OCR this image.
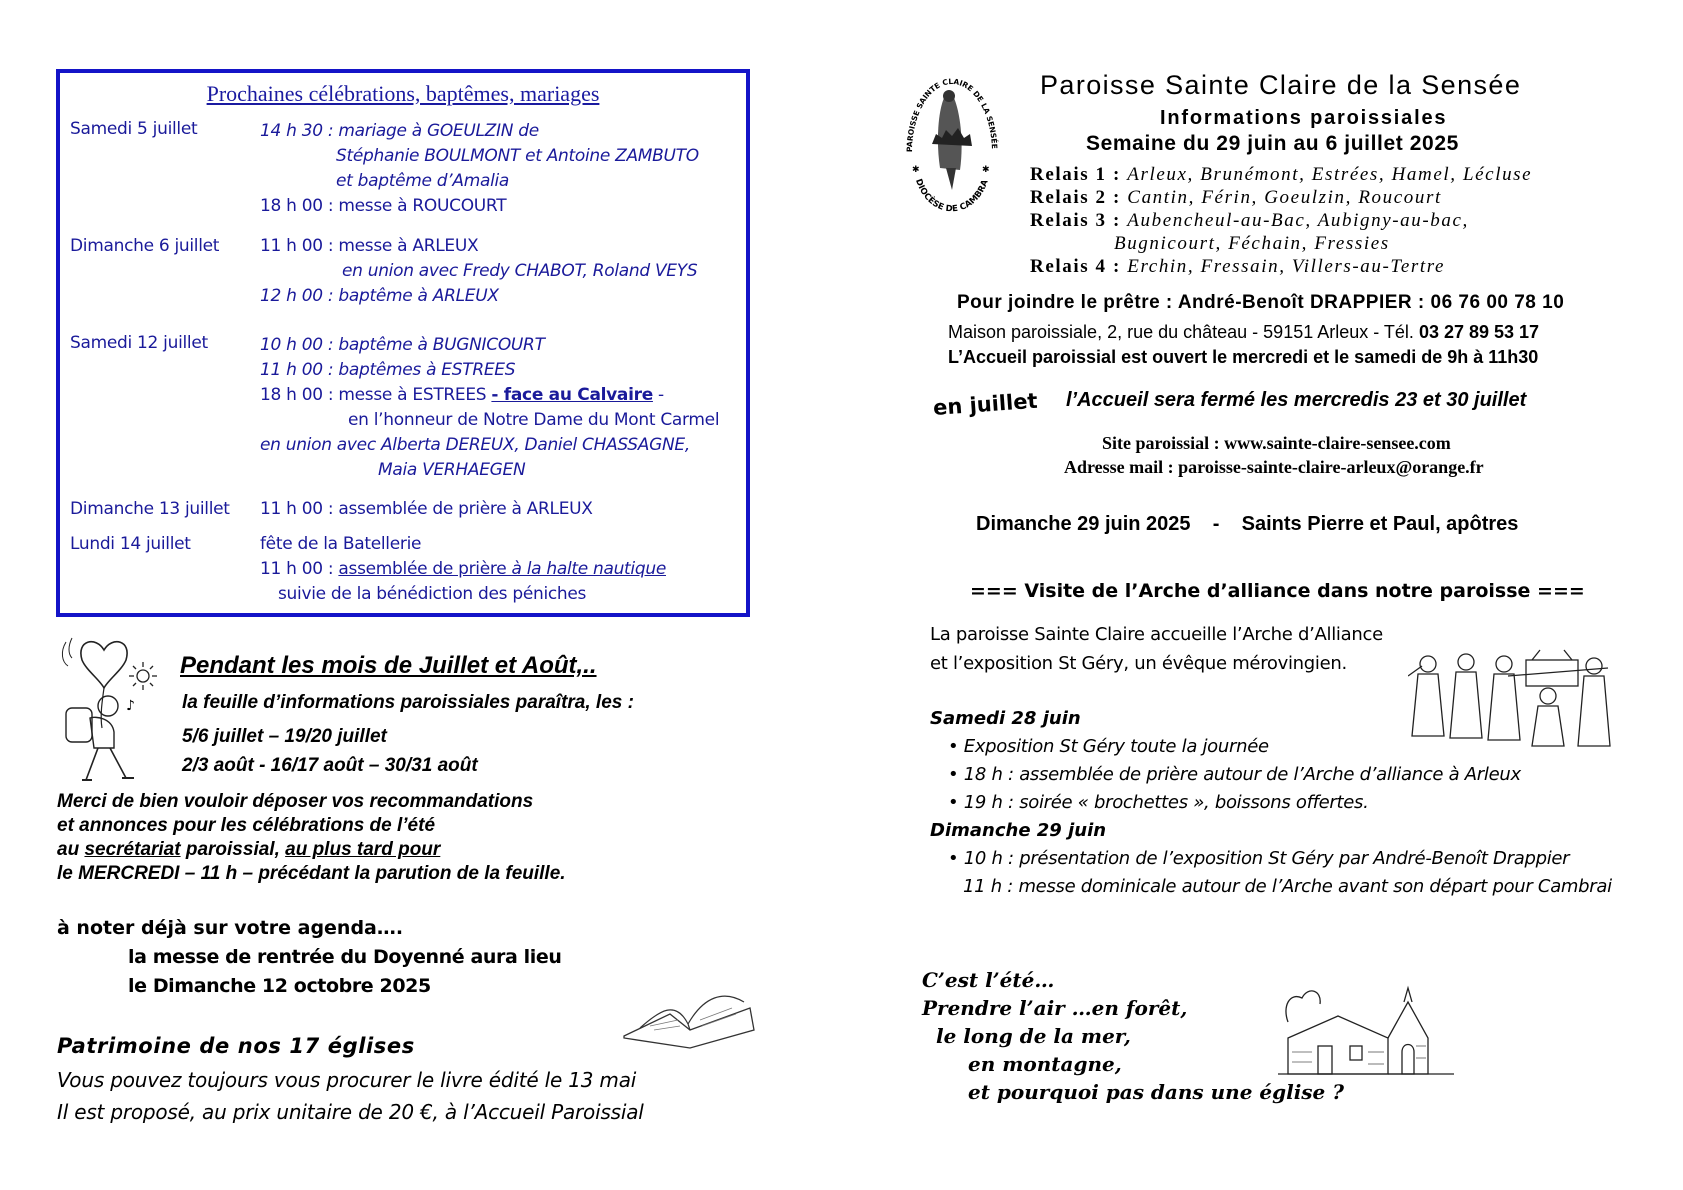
Prochaines célébrations, baptêmes, mariages
Samedi 5 juillet	14 h 30 : mariage à GOEULZIN de
Stéphanie BOULMONT et Antoine ZAMBUTO
et baptême d’Amalia
18 h 00 : messe à ROUCOURT
Dimanche 6 juillet 11 h 00 : messe à ARLEUX
en union avec Fredy CHABOT, Roland VEYS
12 h 00 : baptême à ARLEUX
Samedi 12 juillet	10 h 00 : baptême à BUGNICOURT
11 h 00 : baptêmes à ESTREES
18 h 00 : messe à ESTREES - face au Calvaire -
en l’honneur de Notre Dame du Mont Carmel
en union avec Alberta DEREUX, Daniel CHASSAGNE,
Maia VERHAEGEN
Dimanche 13 juillet 11 h 00 : assemblée de prière à ARLEUX
Lundi 14 juillet	fête de la Batellerie
11 h 00 : assemblée de prière à la halte nautique
suivie de la bénédiction des péniches
♪
Pendant les mois de Juillet et Août,..
la feuille d’informations paroissiales paraîtra, les :
5/6 juillet – 19/20 juillet
2/3 août - 16/17 août – 30/31 août
Merci de bien vouloir déposer vos recommandations
et annonces pour les célébrations de l’été
au secrétariat paroissial, au plus tard pour
le MERCREDI – 11 h – précédant la parution de la feuille.
à noter déjà sur votre agenda….
la messe de rentrée du Doyenné aura lieu
le Dimanche 12 octobre 2025
Patrimoine de nos 17 églises
Vous pouvez toujours vous procurer le livre édité le 13 mai
Il est proposé, au prix unitaire de 20 €, à l’Accueil Paroissial
PAROISSE SAINTE CLAIRE DE LA SENSÉE
DIOCÈSE DE CAMBRA
✱	✱
Paroisse Sainte Claire de la Sensée
Informations paroissiales
Semaine du 29 juin au 6 juillet 2025
Relais 1 : Arleux, Brunémont, Estrées, Hamel, Lécluse
Relais 2 : Cantin, Férin, Goeulzin, Roucourt
Relais 3 : Aubencheul-au-Bac, Aubigny-au-bac,
Bugnicourt, Féchain, Fressies
Relais 4 : Erchin, Fressain, Villers-au-Tertre
Pour joindre le prêtre : André-Benoît DRAPPIER : 06 76 00 78 10
Maison paroissiale, 2, rue du château - 59151 Arleux - Tél. 03 27 89 53 17
L’Accueil paroissial est ouvert le mercredi et le samedi de 9h à 11h30
en juillet l’Accueil sera fermé les mercredis 23 et 30 juillet
Site paroissial : www.sainte-claire-sensee.com
Adresse mail : paroisse-sainte-claire-arleux@orange.fr
Dimanche 29 juin 2025    -    Saints Pierre et Paul, apôtres
=== Visite de l’Arche d’alliance dans notre paroisse ===
La paroisse Sainte Claire accueille l’Arche d’Alliance
et l’exposition St Géry, un évêque mérovingien.
Samedi 28 juin
• Exposition St Géry toute la journée
• 18 h : assemblée de prière autour de l’Arche d’alliance à Arleux
• 19 h : soirée « brochettes », boissons offertes.
Dimanche 29 juin
• 10 h : présentation de l’exposition St Géry par André-Benoît Drappier
11 h : messe dominicale autour de l’Arche avant son départ pour Cambrai
C’est l’été…
Prendre l’air …en forêt,
le long de la mer,
en montagne,
et pourquoi pas dans une église ?
